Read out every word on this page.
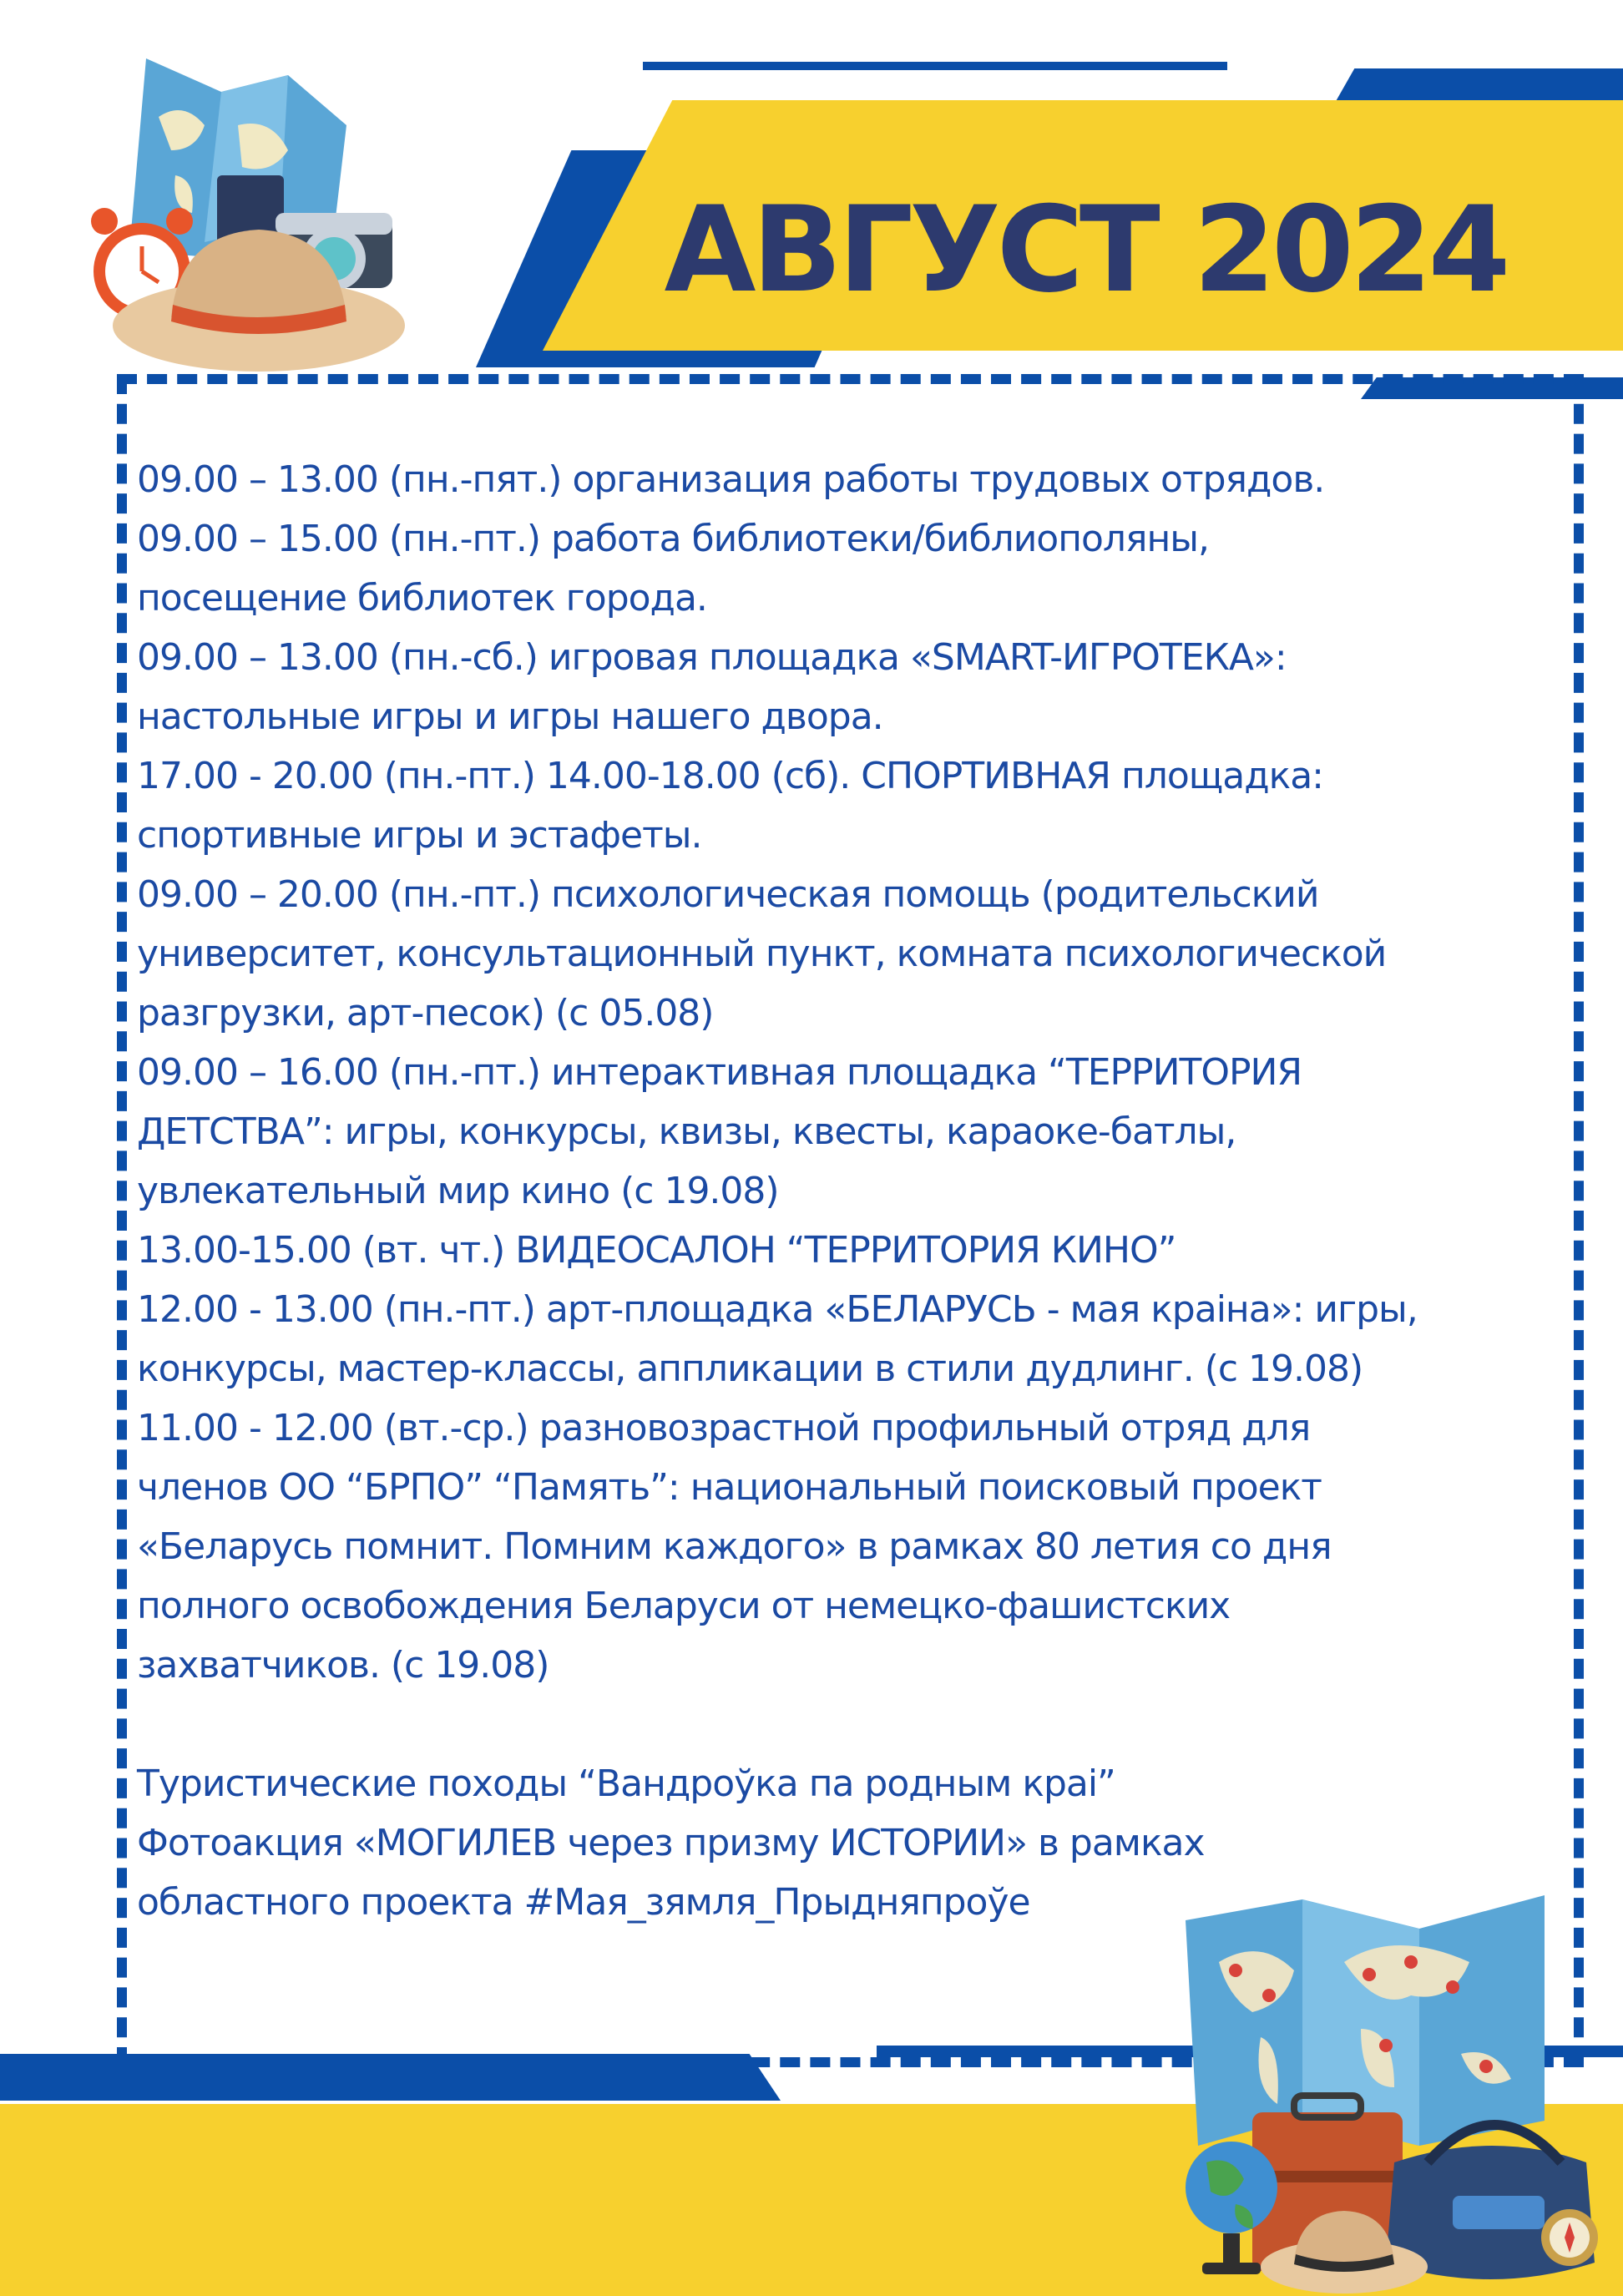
АВГУСТ 2024
09.00 – 13.00 (пн.-пят.) организация работы трудовых отрядов.
09.00 – 15.00 (пн.-пт.) работа библиотеки/библиополяны,
посещение библиотек города.
09.00 – 13.00 (пн.-сб.) игровая площадка «SMART-ИГРОТЕКА»:
настольные игры и игры нашего двора.
17.00 - 20.00 (пн.-пт.) 14.00-18.00 (сб). СПОРТИВНАЯ площадка:
спортивные игры и эстафеты.
09.00 – 20.00 (пн.-пт.) психологическая помощь (родительский
университет, консультационный пункт, комната психологической
разгрузки, арт-песок) (с 05.08)
09.00 – 16.00 (пн.-пт.) интерактивная площадка “ТЕРРИТОРИЯ
ДЕТСТВА”: игры, конкурсы, квизы, квесты, караоке-батлы,
увлекательный мир кино (с 19.08)
13.00-15.00 (вт. чт.) ВИДЕОСАЛОН “ТЕРРИТОРИЯ КИНО”
12.00 - 13.00 (пн.-пт.) арт-площадка «БЕЛАРУСЬ - мая краіна»: игры,
конкурсы, мастер-классы, аппликации в стили дудлинг. (с 19.08)
11.00 - 12.00 (вт.-ср.) разновозрастной профильный отряд для
членов ОО “БРПО” “Память”: национальный поисковый проект
«Беларусь помнит. Помним каждого» в рамках 80 летия со дня
полного освобождения Беларуси от немецко-фашистских
захватчиков. (с 19.08)
Туристические походы “Вандроўка па родным краі”
Фотоакция «МОГИЛЕВ через призму ИСТОРИИ» в рамках
областного проекта #Мая_зямля_Прыдняпроўе
